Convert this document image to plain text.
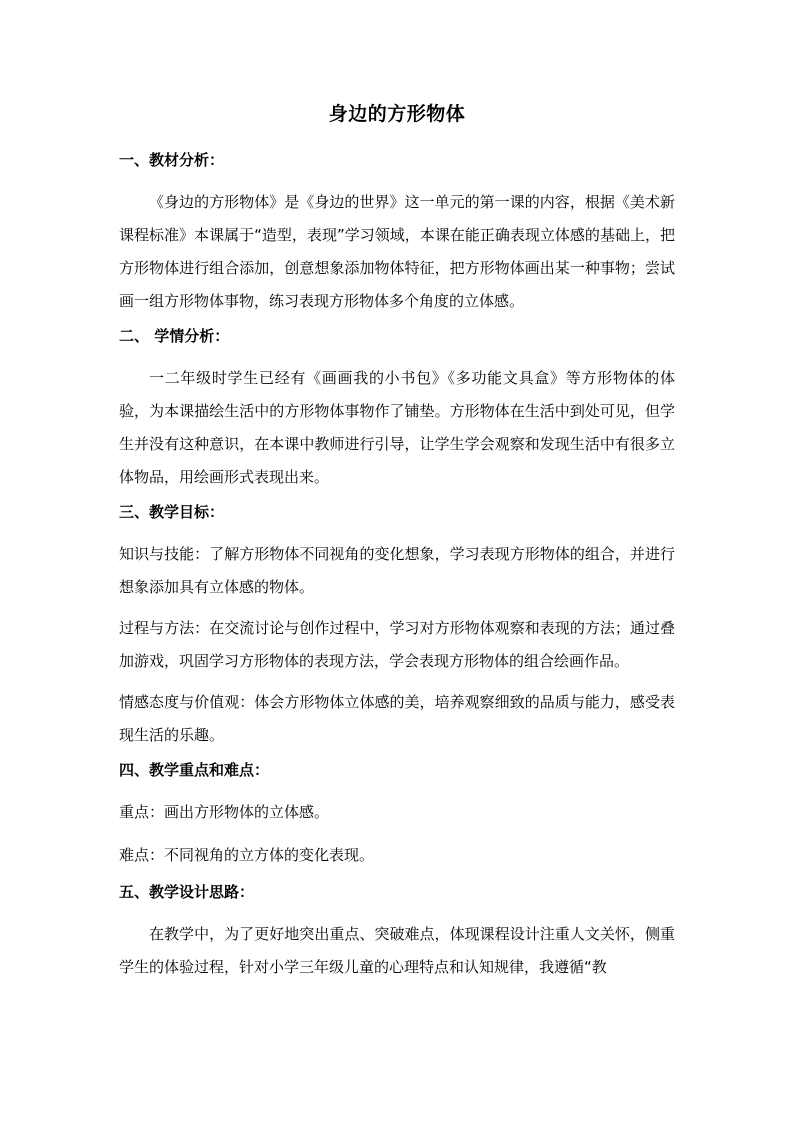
身边的方形物体
一、教材分析：

《身边的方形物体》是《身边的世界》这一单元的第一课的内容，根据《美术新课程标准》本课属于“造型，表现”学习领域，本课在能正确表现立体感的基础上，把方形物体进行组合添加，创意想象添加物体特征，把方形物体画出某一种事物；尝试画一组方形物体事物，练习表现方形物体多个角度的立体感。

二、 学情分析：

一二年级时学生已经有《画画我的小书包》《多功能文具盒》等方形物体的体验，为本课描绘生活中的方形物体事物作了铺垫。方形物体在生活中到处可见，但学生并没有这种意识，在本课中教师进行引导，让学生学会观察和发现生活中有很多立体物品，用绘画形式表现出来。

三、教学目标：

知识与技能：了解方形物体不同视角的变化想象，学习表现方形物体的组合，并进行想象添加具有立体感的物体。

过程与方法：在交流讨论与创作过程中，学习对方形物体观察和表现的方法；通过叠加游戏，巩固学习方形物体的表现方法，学会表现方形物体的组合绘画作品。

情感态度与价值观：体会方形物体立体感的美，培养观察细致的品质与能力，感受表现生活的乐趣。

四、教学重点和难点：

重点：画出方形物体的立体感。

难点：不同视角的立方体的变化表现。

五、教学设计思路：

在教学中，为了更好地突出重点、突破难点，体现课程设计注重人文关怀，侧重学生的体验过程，针对小学三年级儿童的心理特点和认知规律，我遵循“教
